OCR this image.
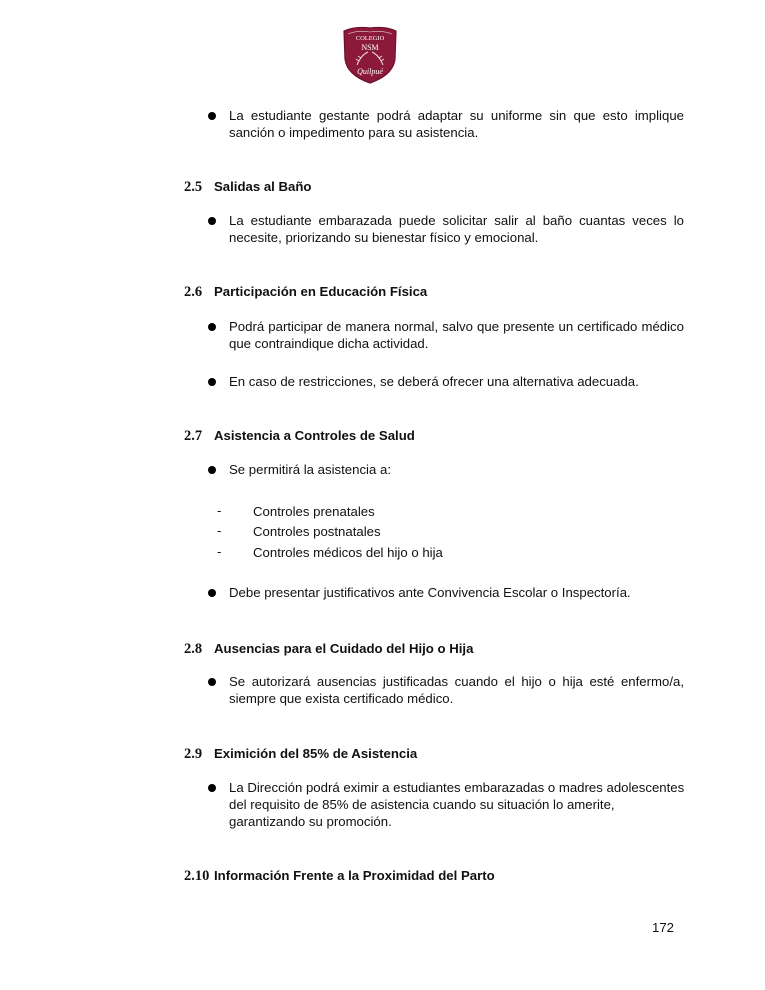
COLEGIO
NSM
Quilpué
La estudiante gestante podrá adaptar su uniforme sin que esto implique sanción o impedimento para su asistencia.
2.5 Salidas al Baño
La estudiante embarazada puede solicitar salir al baño cuantas veces lo necesite, priorizando su bienestar físico y emocional.
2.6 Participación en Educación Física
Podrá participar de manera normal, salvo que presente un certificado médico que contraindique dicha actividad.
En caso de restricciones, se deberá ofrecer una alternativa adecuada.
2.7 Asistencia a Controles de Salud
Se permitirá la asistencia a:
- Controles prenatales
- Controles postnatales
- Controles médicos del hijo o hija
Debe presentar justificativos ante Convivencia Escolar o Inspectoría.
2.8 Ausencias para el Cuidado del Hijo o Hija
Se autorizará ausencias justificadas cuando el hijo o hija esté enfermo/a, siempre que exista certificado médico.
2.9 Eximición del 85% de Asistencia
La Dirección podrá eximir a estudiantes embarazadas o madres adolescentes del requisito de 85% de asistencia cuando su situación lo amerite, garantizando su promoción.
2.10 Información Frente a la Proximidad del Parto
172
